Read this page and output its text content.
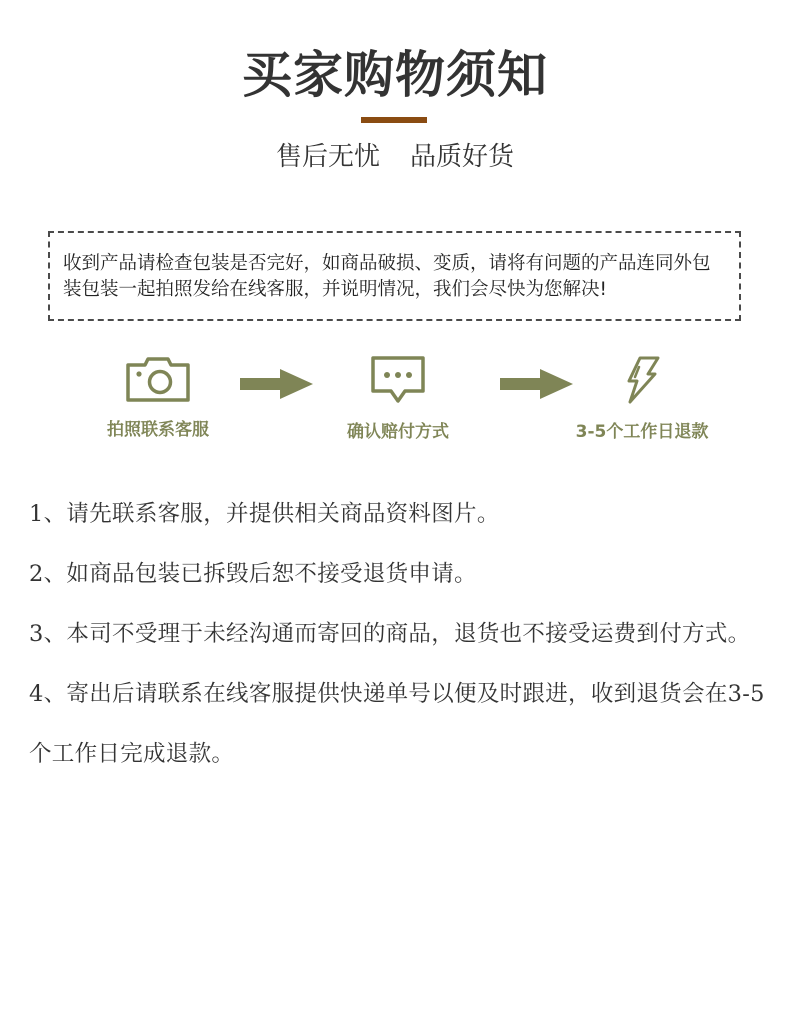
买家购物须知
售后无忧 品质好货
收到产品请检查包装是否完好，如商品破损、变质，请将有问题的产品连同外包装包装一起拍照发给在线客服，并说明情况，我们会尽快为您解决!
拍照联系客服	确认赔付方式	3-5个工作日退款
1、请先联系客服，并提供相关商品资料图片。
2、如商品包装已拆毁后恕不接受退货申请。
3、本司不受理于未经沟通而寄回的商品，退货也不接受运费到付方式。
4、寄出后请联系在线客服提供快递单号以便及时跟进，收到退货会在3-5个工作日完成退款。
